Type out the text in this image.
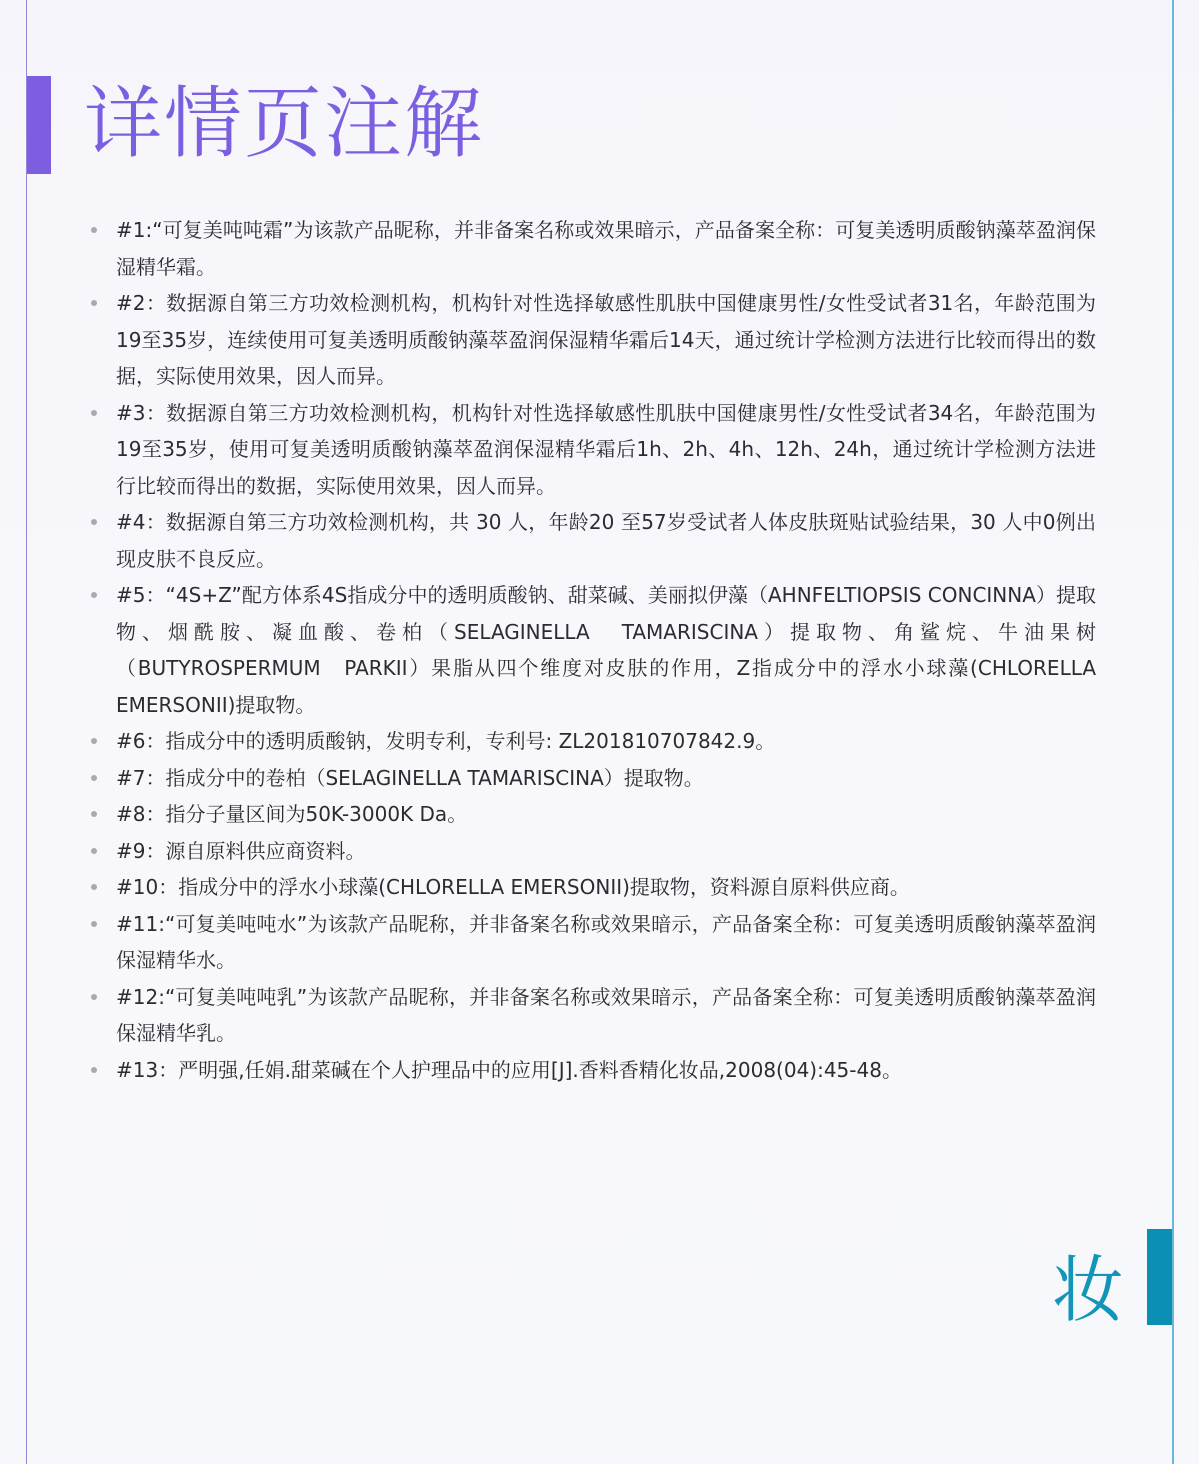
详情页注解
#1:“可复美吨吨霜”为该款产品昵称，并非备案名称或效果暗示，产品备案全称：可复美透明质酸钠藻萃盈润保湿精华霜。
#2：数据源自第三方功效检测机构，机构针对性选择敏感性肌肤中国健康男性/女性受试者31名，年龄范围为19至35岁，连续使用可复美透明质酸钠藻萃盈润保湿精华霜后14天，通过统计学检测方法进行比较而得出的数据，实际使用效果，因人而异。
#3：数据源自第三方功效检测机构，机构针对性选择敏感性肌肤中国健康男性/女性受试者34名，年龄范围为19至35岁，使用可复美透明质酸钠藻萃盈润保湿精华霜后1h、2h、4h、12h、24h，通过统计学检测方法进行比较而得出的数据，实际使用效果，因人而异。
#4：数据源自第三方功效检测机构，共 30 人，年龄20 至57岁受试者人体皮肤斑贴试验结果，30 人中0例出现皮肤不良反应。
#5：“4S+Z”配方体系4S指成分中的透明质酸钠、甜菜碱、美丽拟伊藻（AHNFELTIOPSIS CONCINNA）提取物、烟酰胺、凝血酸、卷柏（SELAGINELLA　TAMARISCINA）提取物、角鲨烷、牛油果树（BUTYROSPERMUM　PARKII）果脂从四个维度对皮肤的作用，Z指成分中的浮水小球藻(CHLORELLA EMERSONII)提取物。
#6：指成分中的透明质酸钠，发明专利，专利号: ZL201810707842.9。
#7：指成分中的卷柏（SELAGINELLA TAMARISCINA）提取物。
#8：指分子量区间为50K-3000K Da。
#9：源自原料供应商资料。
#10：指成分中的浮水小球藻(CHLORELLA EMERSONII)提取物，资料源自原料供应商。
#11:“可复美吨吨水”为该款产品昵称，并非备案名称或效果暗示，产品备案全称：可复美透明质酸钠藻萃盈润保湿精华水。
#12:“可复美吨吨乳”为该款产品昵称，并非备案名称或效果暗示，产品备案全称：可复美透明质酸钠藻萃盈润保湿精华乳。
#13：严明强,任娟.甜菜碱在个人护理品中的应用[J].香料香精化妆品,2008(04):45-48。
妆
